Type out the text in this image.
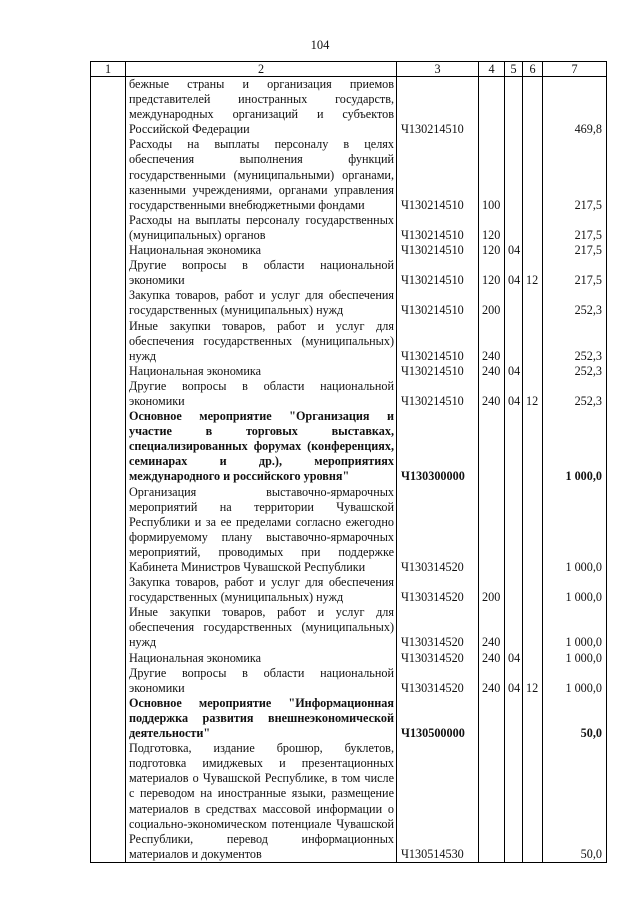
104
1	2	3	4	5	6	7
	бежные страны и организация приемов представителей иностранных государств, международных организаций и субъектов Российской Федерации	Ч130214510				469,8
	Расходы на выплаты персоналу в целях обеспечения выполнения функций государственными (муниципальными) органами, казенными учреждениями, органами управления государственными внебюджетными фондами	Ч130214510	100			217,5
	Расходы на выплаты персоналу государственных (муниципальных) органов	Ч130214510	120			217,5
	Национальная экономика	Ч130214510	120	04		217,5
	Другие вопросы в области национальной экономики	Ч130214510	120	04	12	217,5
	Закупка товаров, работ и услуг для обеспечения государственных (муниципальных) нужд	Ч130214510	200			252,3
	Иные закупки товаров, работ и услуг для обеспечения государственных (муниципальных) нужд	Ч130214510	240			252,3
	Национальная экономика	Ч130214510	240	04		252,3
	Другие вопросы в области национальной экономики	Ч130214510	240	04	12	252,3
	Основное мероприятие "Организация и участие в торговых выставках, специализированных форумах (конференциях, семинарах и др.), мероприятиях международного и российского уровня"	Ч130300000				1 000,0
	Организация выставочно-ярмарочных мероприятий на территории Чувашской Республики и за ее пределами согласно ежегодно формируемому плану выставочно-ярмарочных мероприятий, проводимых при поддержке Кабинета Министров Чувашской Республики	Ч130314520				1 000,0
	Закупка товаров, работ и услуг для обеспечения государственных (муниципальных) нужд	Ч130314520	200			1 000,0
	Иные закупки товаров, работ и услуг для обеспечения государственных (муниципальных) нужд	Ч130314520	240			1 000,0
	Национальная экономика	Ч130314520	240	04		1 000,0
	Другие вопросы в области национальной экономики	Ч130314520	240	04	12	1 000,0
	Основное мероприятие "Информационная поддержка развития внешнеэкономической деятельности"	Ч130500000				50,0
	Подготовка, издание брошюр, буклетов, подготовка имиджевых и презентационных материалов о Чувашской Республике, в том числе с переводом на иностранные языки, размещение материалов в средствах массовой информации о социально-экономическом потенциале Чувашской Республики, перевод информационных материалов и документов	Ч130514530				50,0
